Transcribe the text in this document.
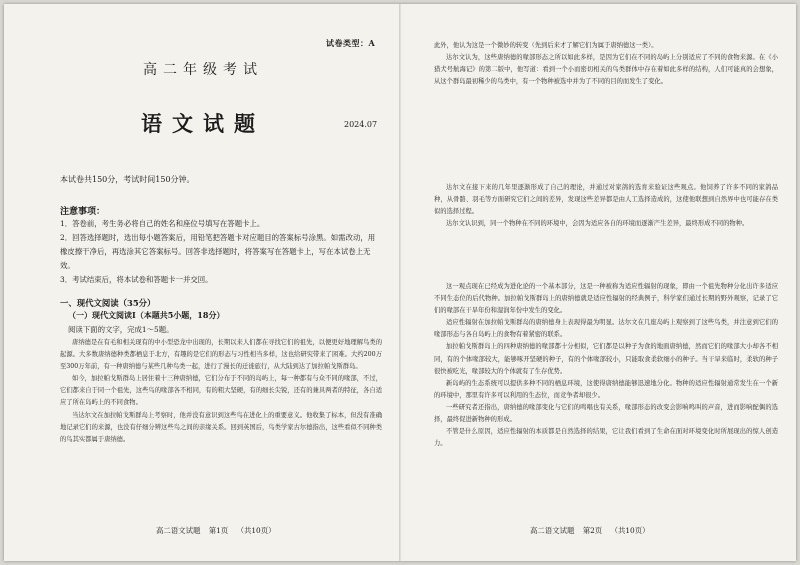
试卷类型：A
高二年级考试
语文试题	2024.07
本试卷共150分，考试时间150分钟。
注意事项：
1．答卷前，考生务必将自己的姓名和座位号填写在答题卡上。
2．回答选择题时，选出每小题答案后，用铅笔把答题卡对应题目的答案标号涂黑。如需改动，用橡皮擦干净后，再选涂其它答案标号。回答非选择题时，将答案写在答题卡上，写在本试卷上无效。
3．考试结束后，将本试卷和答题卡一并交回。
一、现代文阅读（35分）
（一）现代文阅读Ⅰ（本题共5小题，18分）
阅读下面的文字，完成1～5题。

唐纳德是在有毛和相关现有的中小型恐龙中出现的，长期以来人们都在寻找它们的祖先，以便更好地理解鸟类的起源。大多数唐纳德种类都栖息于北方，有趣的是它们的形态与习性相当多样，这也给研究带来了困难。大约200万至300万年前，有一种唐纳德与某些几种鸟类一起，进行了漫长的迁徙旅行，从大陆到达了加拉帕戈斯群岛。

如今，加拉帕戈斯群岛上居住着十三种唐纳德，它们分布于不同的岛屿上，每一种都有与众不同的喙部，不过，它们都来自于同一个祖先，这些鸟的喙部各不相同，有的粗大坚硬，有的细长尖锐，还有的兼具两者的特征，各自适应了所在岛屿上的不同食物。

当达尔文在加拉帕戈斯群岛上考察时，他并没有意识到这些鸟在进化上的重要意义。他收集了标本，但没有准确地记录它们的来源，也没有仔细分辨这些鸟之间的亲缘关系。回到英国后，鸟类学家古尔德指出，这些看似不同种类的鸟其实都属于唐纳德。

高二语文试题 第1页 （共10页）

此外，他认为这是一个微妙的转变（先到后来才了解它们为属于唐纳德这一类）。

达尔文认为，这些唐纳德的喙部形态之所以如此多样，是因为它们在不同的岛屿上分别适应了不同的食物来源。在《小猎犬号航海记》的第二版中，他写道：看到一个小而密切相关的鸟类群体中存在着如此多样的结构，人们可能真的会想象，从这个群岛最初稀少的鸟类中，有一个物种被选中并为了不同的目的而发生了变化。

达尔文在接下来的几年里逐渐形成了自己的理论，并通过对家鸽的选育来验证这些观点。他饲养了许多不同的家鸽品种，从骨骼、羽毛等方面研究它们之间的差异，发现这些差异都是由人工选择造成的，这使他联想到自然界中也可能存在类似的选择过程。

达尔文认识到，同一个物种在不同的环境中，会因为适应各自的环境而逐渐产生差异，最终形成不同的物种。

这一观点现在已经成为进化论的一个基本部分，这是一种被称为适应性辐射的现象，即由一个祖先物种分化出许多适应不同生态位的后代物种。加拉帕戈斯群岛上的唐纳德就是适应性辐射的经典例子，科学家们通过长期的野外观察，记录了它们的喙部在干旱年份和湿润年份中发生的变化。

适应性辐射在加拉帕戈斯群岛的唐纳德身上表现得最为明显。达尔文在几座岛屿上观察到了这些鸟类，并注意到它们的喙部形态与各自岛屿上的食物有着紧密的联系。

加拉帕戈斯群岛上的四种唐纳德的喙部都十分相似，它们都是以种子为食的地面唐纳德，然而它们的喙部大小却各不相同，有的个体喙部较大，能够啄开坚硬的种子，有的个体喙部较小，只能取食柔软细小的种子。当干旱来临时，柔软的种子很快被吃光，喙部较大的个体就有了生存优势。

新岛屿的生态系统可以提供多种不同的栖息环境，这使得唐纳德能够迅速地分化。物种的适应性辐射通常发生在一个新的环境中，那里有许多可以利用的生态位，而竞争者却很少。

一些研究者还指出，唐纳德的喙部变化与它们的鸣唱也有关系，喙部形态的改变会影响鸣叫的声音，进而影响配偶的选择，最终促进新物种的形成。

不管是什么原因，适应性辐射的本质都是自然选择的结果，它让我们看到了生命在面对环境变化时所展现出的惊人创造力。

高二语文试题 第2页 （共10页）
